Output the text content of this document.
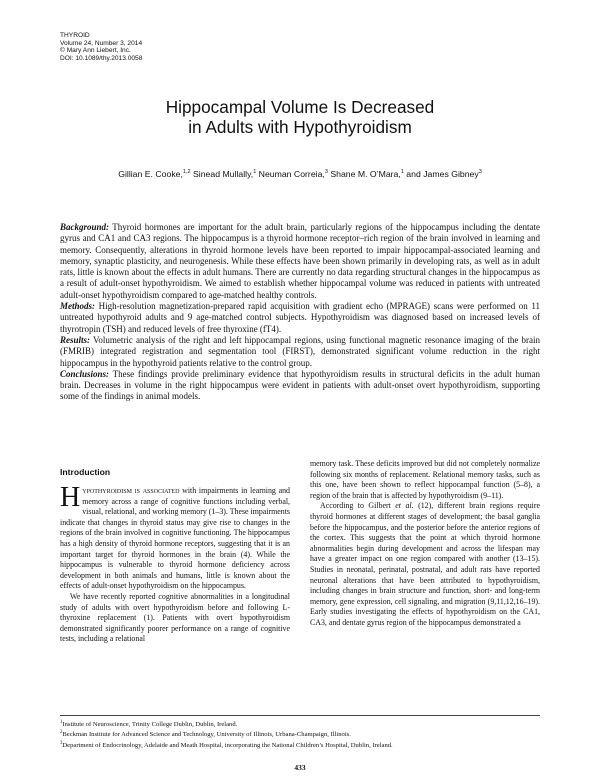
THYROID
Volume 24, Number 3, 2014
© Mary Ann Liebert, Inc.
DOI: 10.1089/thy.2013.0058
Hippocampal Volume Is Decreased
in Adults with Hypothyroidism
Gillian E. Cooke,$^{1,2}$ Sinead Mullally,$^1$ Neuman Correia,$^3$ Shane M. O’Mara,$^1$ and James Gibney$^3$

Background: Thyroid hormones are important for the adult brain, particularly regions of the hippocampus including the dentate gyrus and CA1 and CA3 regions. The hippocampus is a thyroid hormone receptor–rich region of the brain involved in learning and memory. Consequently, alterations in thyroid hormone levels have been reported to impair hippocampal-associated learning and memory, synaptic plasticity, and neurogenesis. While these effects have been shown primarily in developing rats, as well as in adult rats, little is known about the effects in adult humans. There are currently no data regarding structural changes in the hippocampus as a result of adult-onset hypothyroidism. We aimed to establish whether hippocampal volume was reduced in patients with untreated adult-onset hypothyroidism compared to age-matched healthy controls.

Methods: High-resolution magnetization-prepared rapid acquisition with gradient echo (MPRAGE) scans were performed on 11 untreated hypothyroid adults and 9 age-matched control subjects. Hypothyroidism was diagnosed based on increased levels of thyrotropin (TSH) and reduced levels of free thyroxine (fT4).

Results: Volumetric analysis of the right and left hippocampal regions, using functional magnetic resonance imaging of the brain (FMRIB) integrated registration and segmentation tool (FIRST), demonstrated significant volume reduction in the right hippocampus in the hypothyroid patients relative to the control group.

Conclusions: These findings provide preliminary evidence that hypothyroidism results in structural deficits in the adult human brain. Decreases in volume in the right hippocampus were evident in patients with adult-onset overt hypothyroidism, supporting some of the findings in animal models.

Introduction

Hypothyroidism is associated with impairments in learning and memory across a range of cognitive functions including verbal, visual, relational, and working memory (1–3). These impairments indicate that changes in thyroid status may give rise to changes in the regions of the brain involved in cognitive functioning. The hippocampus has a high density of thyroid hormone receptors, suggesting that it is an important target for thyroid hormones in the brain (4). While the hippocampus is vulnerable to thyroid hormone deficiency across development in both animals and humans, little is known about the effects of adult-onset hypothyroidism on the hippocampus.

We have recently reported cognitive abnormalities in a longitudinal study of adults with overt hypothyroidism before and following L-thyroxine replacement (1). Patients with overt hypothyroidism demonstrated significantly poorer performance on a range of cognitive tests, including a relational

memory task. These deficits improved but did not completely normalize following six months of replacement. Relational memory tasks, such as this one, have been shown to reflect hippocampal function (5–8), a region of the brain that is affected by hypothyroidism (9–11).

According to Gilbert et al. (12), different brain regions require thyroid hormones at different stages of development; the basal ganglia before the hippocampus, and the posterior before the anterior regions of the cortex. This suggests that the point at which thyroid hormone abnormalities begin during development and across the lifespan may have a greater impact on one region compared with another (13–15). Studies in neonatal, perinatal, postnatal, and adult rats have reported neuronal alterations that have been attributed to hypothyroidism, including changes in brain structure and function, short- and long-term memory, gene expression, cell signaling, and migration (9,11,12,16–19). Early studies investigating the effects of hypothyroidism on the CA1, CA3, and dentate gyrus region of the hippocampus demonstrated a

$^1$Institute of Neuroscience, Trinity College Dublin, Dublin, Ireland.
$^2$Beckman Institute for Advanced Science and Technology, University of Illinois, Urbana-Champaign, Illinois.
$^3$Department of Endocrinology, Adelaide and Meath Hospital, incorporating the National Children’s Hospital, Dublin, Ireland.
433
